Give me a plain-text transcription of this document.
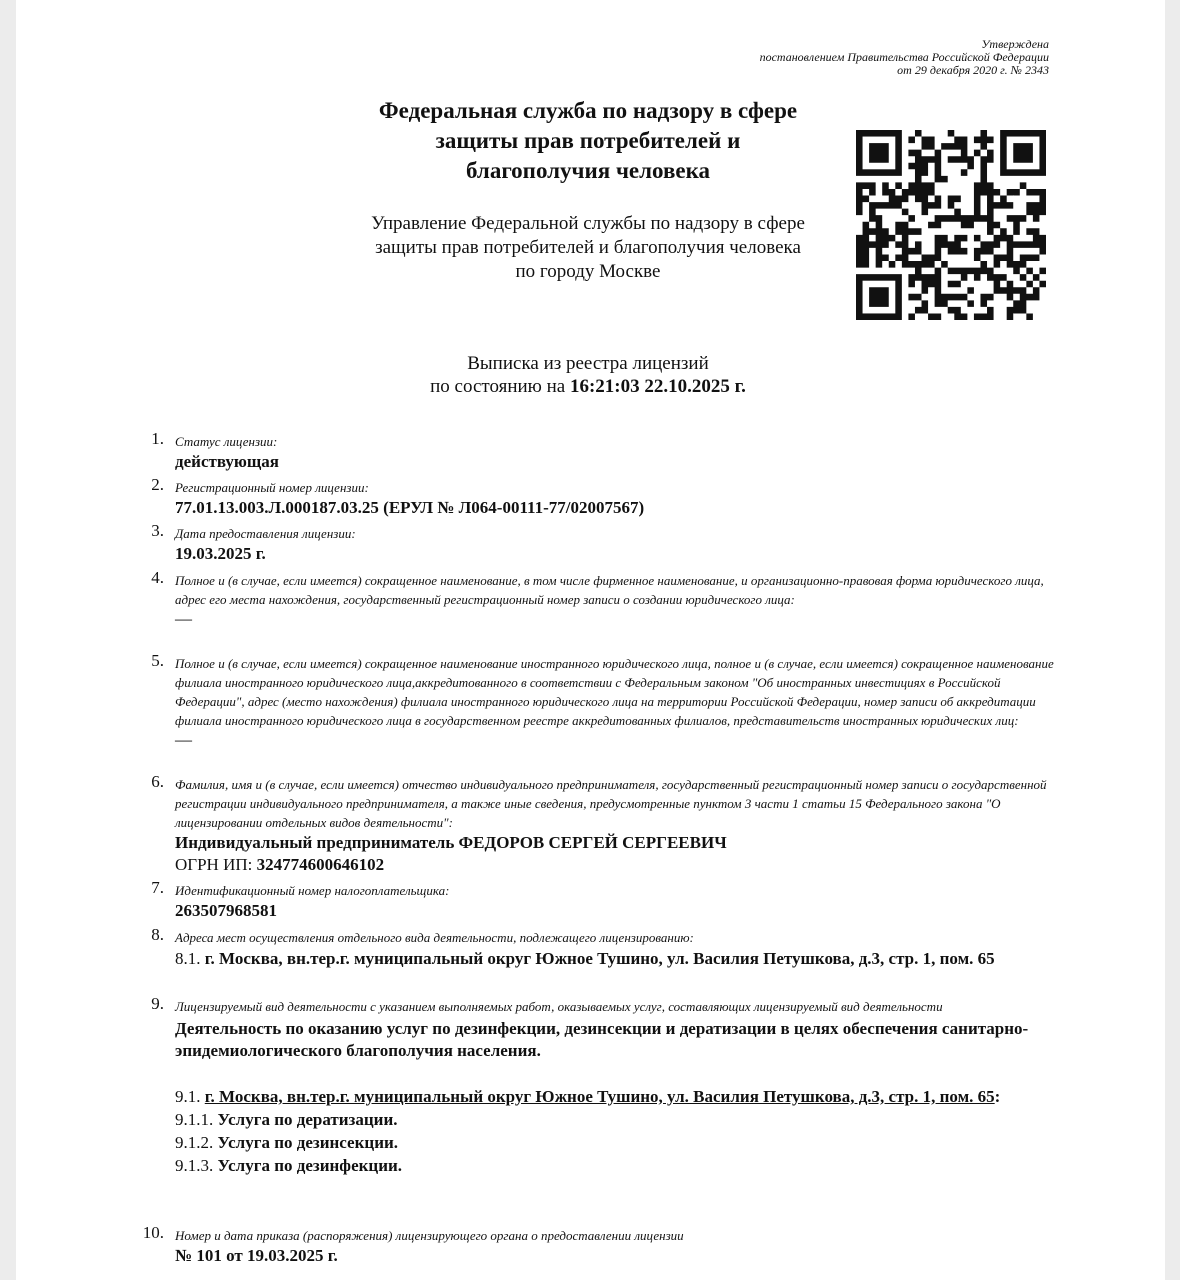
Утверждена
постановлением Правительства Российской Федерации
от 29 декабря 2020 г. № 2343
Федеральная служба по надзору в сфере защиты прав потребителей и благополучия человека
Управление Федеральной службы по надзору в сфере защиты прав потребителей и благополучия человека по городу Москве
Выписка из реестра лицензий
по состоянию на 16:21:03 22.10.2025 г.
1. Статус лицензии:
действующая
2. Регистрационный номер лицензии:
77.01.13.003.Л.000187.03.25 (ЕРУЛ № Л064-00111-77/02007567)
3. Дата предоставления лицензии:
19.03.2025 г.
4. Полное и (в случае, если имеется) сокращенное наименование, в том числе фирменное наименование, и организационно-правовая форма юридического лица, адрес его места нахождения, государственный регистрационный номер записи о создании юридического лица:
—
5. Полное и (в случае, если имеется) сокращенное наименование иностранного юридического лица, полное и (в случае, если имеется) сокращенное наименование филиала иностранного юридического лица,аккредитованного в соответствии с Федеральным законом "Об иностранных инвестициях в Российской Федерации", адрес (место нахождения) филиала иностранного юридического лица на территории Российской Федерации, номер записи об аккредитации филиала иностранного юридического лица в государственном реестре аккредитованных филиалов, представительств иностранных юридических лиц:
—
6. Фамилия, имя и (в случае, если имеется) отчество индивидуального предпринимателя, государственный регистрационный номер записи о государственной регистрации индивидуального предпринимателя, а также иные сведения, предусмотренные пунктом 3 части 1 статьи 15 Федерального закона "О лицензировании отдельных видов деятельности":
Индивидуальный предприниматель ФЕДОРОВ СЕРГЕЙ СЕРГЕЕВИЧ
ОГРН ИП: 324774600646102
7. Идентификационный номер налогоплательщика:
263507968581
8. Адреса мест осуществления отдельного вида деятельности, подлежащего лицензированию:
8.1. г. Москва, вн.тер.г. муниципальный округ Южное Тушино, ул. Василия Петушкова, д.3, стр. 1, пом. 65
9. Лицензируемый вид деятельности с указанием выполняемых работ, оказываемых услуг, составляющих лицензируемый вид деятельности
Деятельность по оказанию услуг по дезинфекции, дезинсекции и дератизации в целях обеспечения санитарно-эпидемиологического благополучия населения.
9.1. г. Москва, вн.тер.г. муниципальный округ Южное Тушино, ул. Василия Петушкова, д.3, стр. 1, пом. 65:
9.1.1. Услуга по дератизации.
9.1.2. Услуга по дезинсекции.
9.1.3. Услуга по дезинфекции.
10. Номер и дата приказа (распоряжения) лицензирующего органа о предоставлении лицензии
№ 101 от 19.03.2025 г.
